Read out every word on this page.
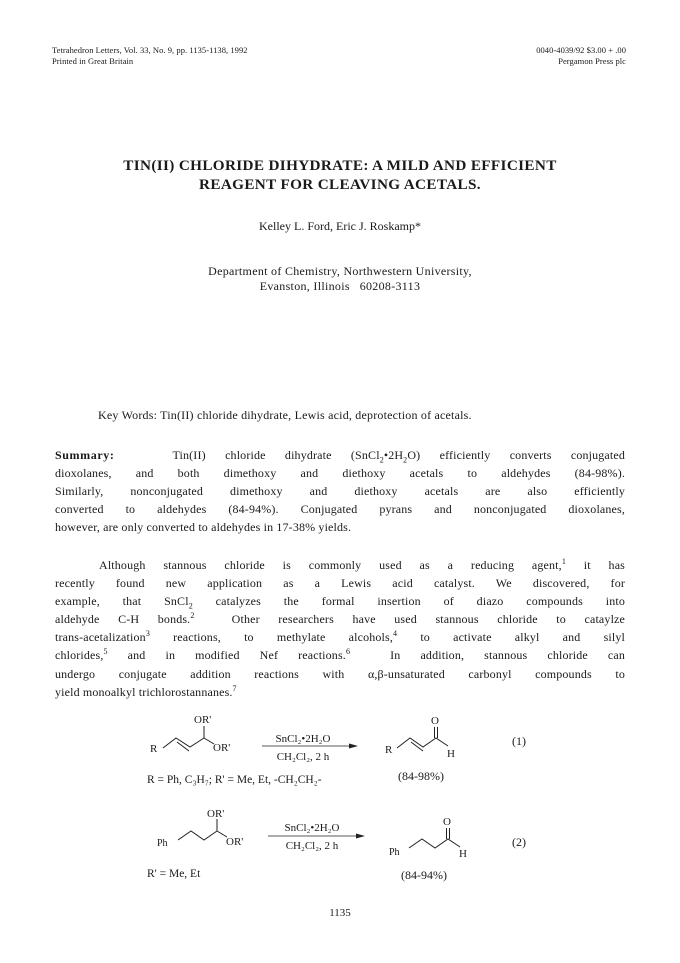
Tetrahedron Letters, Vol. 33, No. 9, pp. 1135-1138, 1992
Printed in Great Britain
0040-4039/92 $3.00 + .00
Pergamon Press plc
TIN(II) CHLORIDE DIHYDRATE: A MILD AND EFFICIENT
REAGENT FOR CLEAVING ACETALS.
Kelley L. Ford, Eric J. Roskamp*
Department of Chemistry, Northwestern University,
Evanston, Illinois   60208-3113
Key Words: Tin(II) chloride dihydrate, Lewis acid, deprotection of acetals.
Summary:	Tin(II) chloride dihydrate $(SnCl_2•2H_2O)$ efficiently converts conjugated
dioxolanes, and both dimethoxy and diethoxy acetals to aldehydes (84-98%).
Similarly, nonconjugated dimethoxy and diethoxy acetals are also efficiently
converted to aldehydes (84-94%). Conjugated pyrans and nonconjugated dioxolanes,
however, are only converted to aldehydes in 17-38% yields.
Although stannous chloride is commonly used as a reducing agent,$^1$ it has
recently found new application as a Lewis acid catalyst. We discovered, for
example, that SnCl$_2$ catalyzes the formal insertion of diazo compounds into
aldehyde C-H bonds.$^2$  Other researchers have used stannous chloride to cataylze
trans-acetalization$^3$ reactions, to methylate alcohols,$^4$ to activate alkyl and silyl
chlorides,$^5$ and in modified Nef reactions.$^6$  In addition, stannous chloride can
undergo conjugate addition reactions with α,β-unsaturated carbonyl compounds to
yield monoalkyl trichlorostannanes.$^7$
OR'
R	OR'
SnCl₂•2H₂O
CH₂Cl₂, 2 h
O
R	H
(1)
(84-98%)
R = Ph, C₃H₇; R' = Me, Et, -CH₂CH₂-
OR'
Ph	OR'
SnCl₂•2H₂O
CH₂Cl₂, 2 h
O
Ph	H
(2)
(84-94%)
R' = Me, Et
1135
